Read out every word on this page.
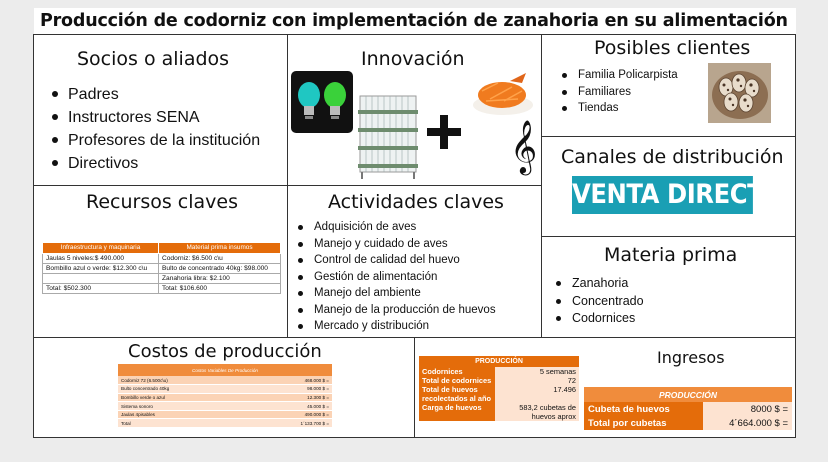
Producción de codorniz con implementación de zanahoria en su alimentación
Socios o aliados
Padres
Instructores SENA
Profesores de la institución
Directivos
Innovación
𝄞
Posibles clientes
Familia Policarpista
Familiares
Tiendas
Canales de distribución
VENTA DIRECTA
Recursos claves
Infraestructura y maquinaria	Material prima insumos
Jaulas 5 niveles:$ 490.000	Codorniz: $6.500 c\u
Bombillo azul o verde: $12.300 c\u	Bulto de concentrado 40kg: $98.000
	Zanahoria libra: $2.100
Total: $502.300	Total: $106.600
Actividades claves
Adquisición de aves
Manejo y cuidado de aves
Control de calidad del huevo
Gestión de alimentación
Manejo del ambiente
Manejo de la producción de huevos
Mercado y distribución
Materia prima
Zanahoria
Concentrado
Codornices
Costos de producción
Costos Variables De Producción	
Codorniz 72 (6.500c\u)	468.000 $ =
Bulto concentrado 40kg	98.000 $ =
Bombillo verde o azul	12.300 $ =
Sistema sonoro	45.000 $ =
Jaulas 4pisables	490.000 $ =
Total	1´133.700 $ =
PRODUCCIÓN	
Codornices	5 semanas
Total de codornices	72
Total de huevos recolectados al año	17.496
Carga de huevos	583,2 cubetas de huevos aprox
Ingresos
PRODUCCIÓN	
Cubeta de huevos	8000 $ =
Total por cubetas	4´664.000 $ =
